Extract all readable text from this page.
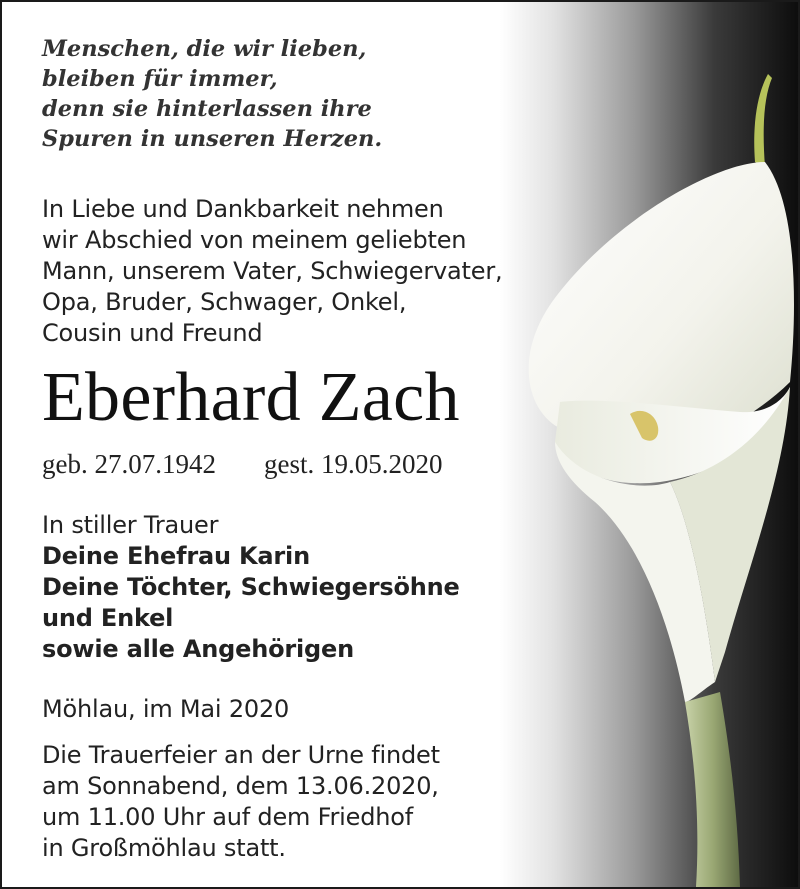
Menschen, die wir lieben,
bleiben für immer,
denn sie hinterlassen ihre
Spuren in unseren Herzen.

In Liebe und Dankbarkeit nehmen
wir Abschied von meinem geliebten
Mann, unserem Vater, Schwiegervater,
Opa, Bruder, Schwager, Onkel,
Cousin und Freund

Eberhard Zach

geb. 27.07.1942 gest. 19.05.2020

In stiller Trauer
Deine Ehefrau Karin
Deine Töchter, Schwiegersöhne
und Enkel
sowie alle Angehörigen

Möhlau, im Mai 2020

Die Trauerfeier an der Urne findet
am Sonnabend, dem 13.06.2020,
um 11.00 Uhr auf dem Friedhof
in Großmöhlau statt.
